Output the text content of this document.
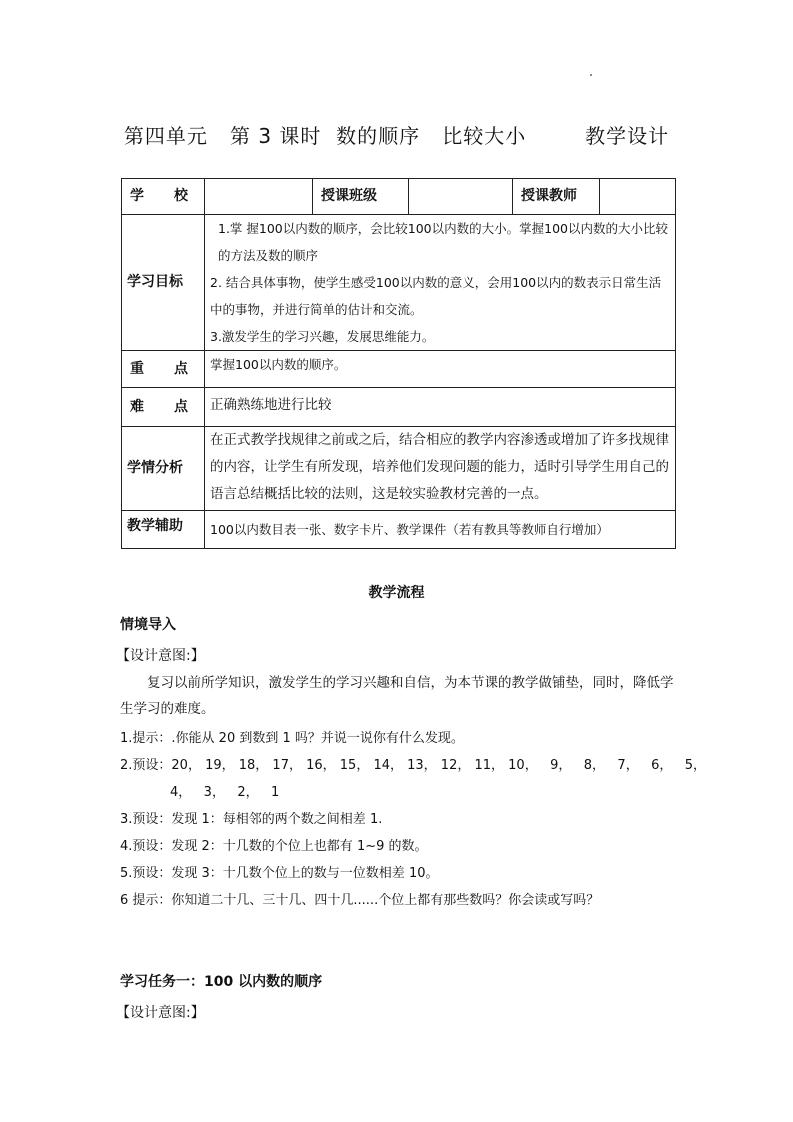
第四单元   第 3 课时  数的顺序   比较大小        教学设计
学 校		授课班级		授课教师	
学习目标	1.掌 握100以内数的顺序，会比较100以内数的大小。掌握100以内数的大小比较的方法及数的顺序
2. 结合具体事物，使学生感受100以内数的意义，会用100以内的数表示日常生活中的事物，并进行简单的估计和交流。
3.激发学生的学习兴趣，发展思维能力。				

重 点	掌握100以内数的顺序。				
难 点	正确熟练地进行比较				
学情分析	在正式教学找规律之前或之后，结合相应的教学内容渗透或增加了许多找规律的内容，让学生有所发现，培养他们发现问题的能力，适时引导学生用自己的语言总结概括比较的法则，这是较实验教材完善的一点。				
教学辅助	100以内数目表一张、数字卡片、教学课件（若有教具等教师自行增加）				
教学流程
情境导入
【设计意图:】
复习以前所学知识，激发学生的学习兴趣和自信，为本节课的教学做铺垫，同时，降低学生学习的难度。
1.提示：.你能从 20 到数到 1 吗？并说一说你有什么发现。
2.预设：20， 19， 18， 17， 16， 15， 14， 13， 12， 11， 10，   9，   8，   7，   6，   5，
4，   3，   2，   1
3.预设：发现 1：每相邻的两个数之间相差 1.
4.预设：发现 2：十几数的个位上也都有 1~9 的数。
5.预设：发现 3：十几数个位上的数与一位数相差 10。
6 提示：你知道二十几、三十几、四十几......个位上都有那些数吗？你会读或写吗？
学习任务一：100 以内数的顺序
【设计意图:】
